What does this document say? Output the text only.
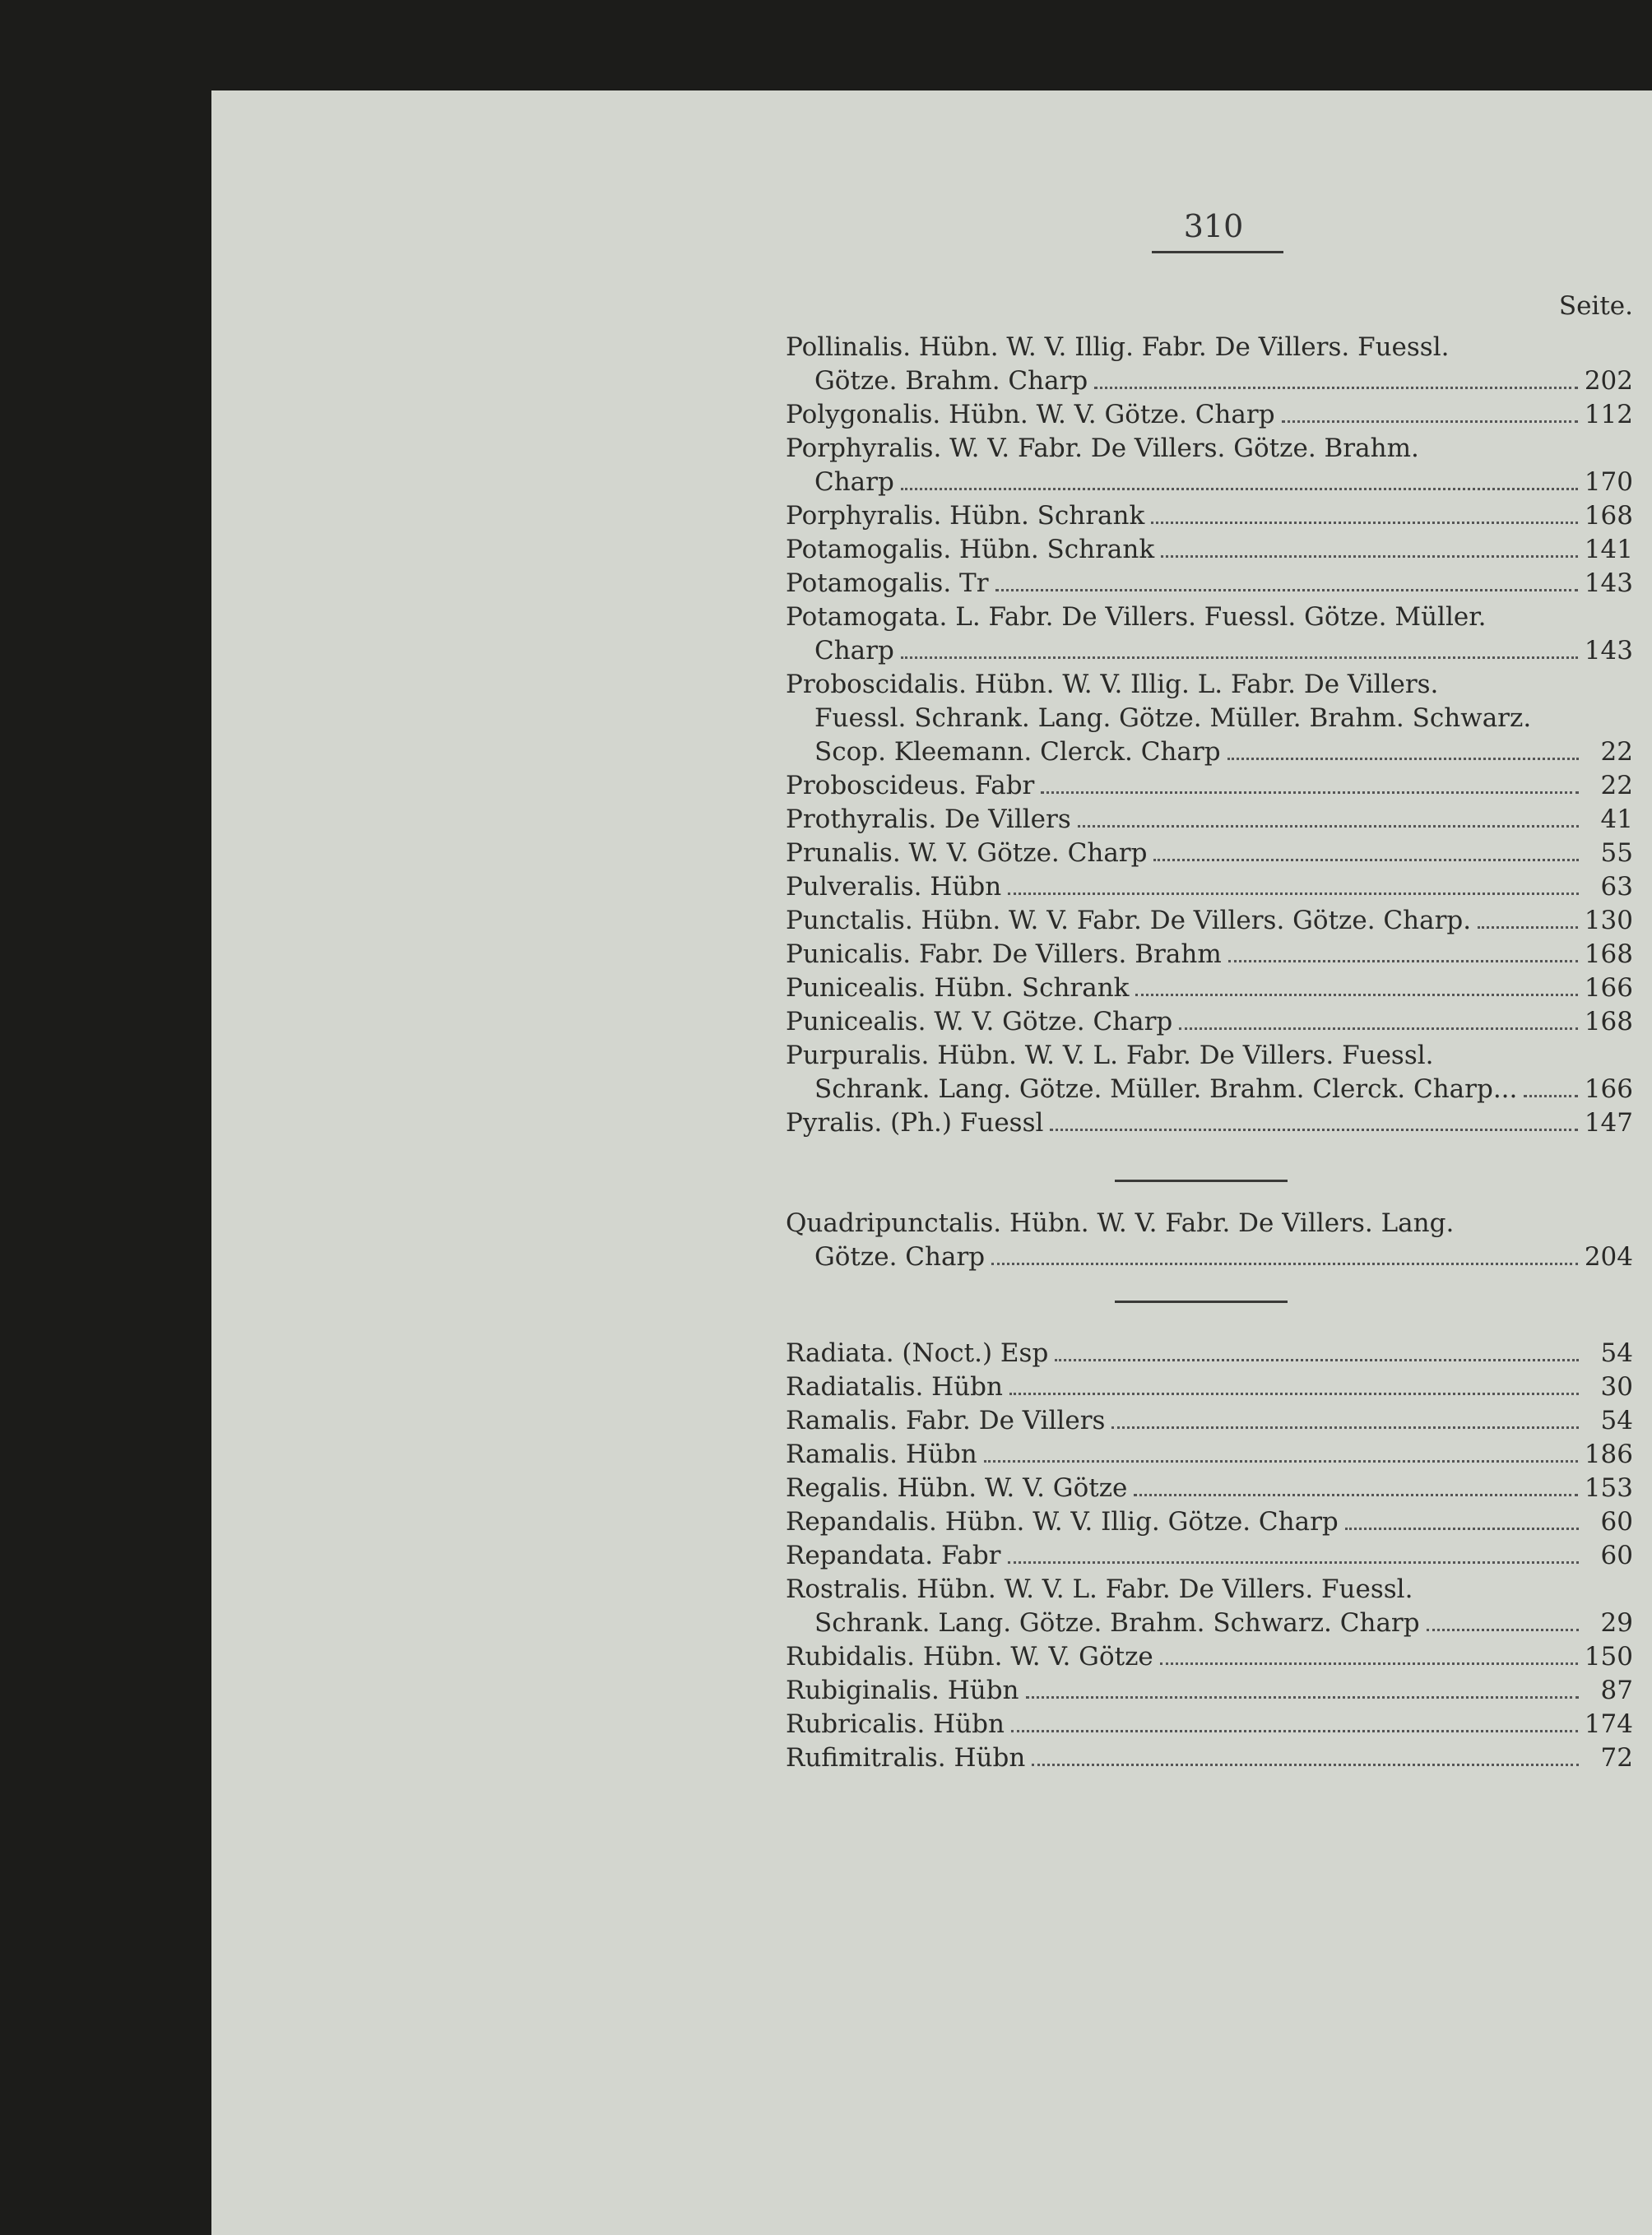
310
Seite.
Pollinalis. Hübn. W. V. Illig. Fabr. De Villers. Fuessl.
Götze. Brahm. Charp	202
Polygonalis. Hübn. W. V. Götze. Charp	112
Porphyralis. W. V. Fabr. De Villers. Götze. Brahm.
Charp	170
Porphyralis. Hübn. Schrank	168
Potamogalis. Hübn. Schrank	141
Potamogalis. Tr	143
Potamogata. L. Fabr. De Villers. Fuessl. Götze. Müller.
Charp	143
Proboscidalis. Hübn. W. V. Illig. L. Fabr. De Villers.
Fuessl. Schrank. Lang. Götze. Müller. Brahm. Schwarz.
Scop. Kleemann. Clerck. Charp	22
Proboscideus. Fabr	22
Prothyralis. De Villers	41
Prunalis. W. V. Götze. Charp	55
Pulveralis. Hübn	63
Punctalis. Hübn. W. V. Fabr. De Villers. Götze. Charp.	130
Punicalis. Fabr. De Villers. Brahm	168
Punicealis. Hübn. Schrank	166
Punicealis. W. V. Götze. Charp	168
Purpuralis. Hübn. W. V. L. Fabr. De Villers. Fuessl.
Schrank. Lang. Götze. Müller. Brahm. Clerck. Charp...	166
Pyralis. (Ph.) Fuessl	147
Quadripunctalis. Hübn. W. V. Fabr. De Villers. Lang.
Götze. Charp	204
Radiata. (Noct.) Esp	54
Radiatalis. Hübn	30
Ramalis. Fabr. De Villers	54
Ramalis. Hübn	186
Regalis. Hübn. W. V. Götze	153
Repandalis. Hübn. W. V. Illig. Götze. Charp	60
Repandata. Fabr	60
Rostralis. Hübn. W. V. L. Fabr. De Villers. Fuessl.
Schrank. Lang. Götze. Brahm. Schwarz. Charp	29
Rubidalis. Hübn. W. V. Götze	150
Rubiginalis. Hübn	87
Rubricalis. Hübn	174
Rufimitralis. Hübn	72
